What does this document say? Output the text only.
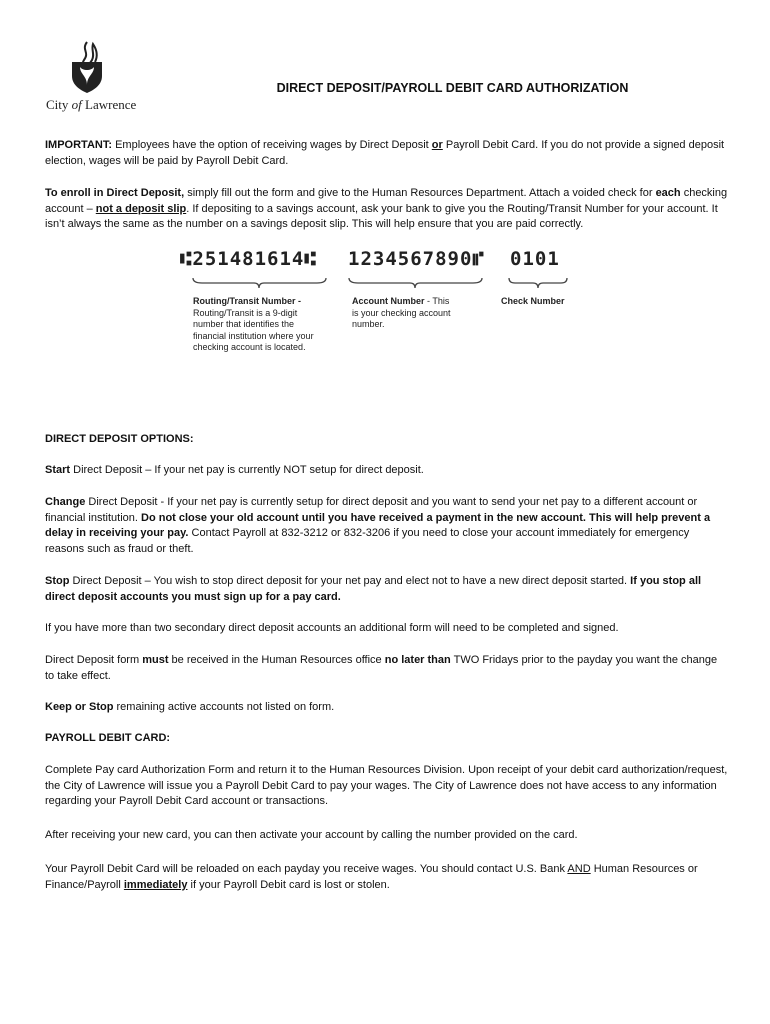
City of Lawrence
DIRECT DEPOSIT/PAYROLL DEBIT CARD AUTHORIZATION
IMPORTANT: Employees have the option of receiving wages by Direct Deposit or Payroll Debit Card. If you do not provide a signed deposit election, wages will be paid by Payroll Debit Card.
To enroll in Direct Deposit, simply fill out the form and give to the Human Resources Department. Attach a voided check for each checking account – not a deposit slip. If depositing to a savings account, ask your bank to give you the Routing/Transit Number for your account. It isn’t always the same as the number on a savings deposit slip. This will help ensure that you are paid correctly.
⑆251481614⑆ 1234567890⑈ 0101
Routing/Transit Number -
Routing/Transit is a 9-digit number that identifies the financial institution where your checking account is located.
Account Number - This
is your checking account number.
Check Number
DIRECT DEPOSIT OPTIONS:
Start Direct Deposit – If your net pay is currently NOT setup for direct deposit.
Change Direct Deposit - If your net pay is currently setup for direct deposit and you want to send your net pay to a different account or financial institution. Do not close your old account until you have received a payment in the new account. This will help prevent a delay in receiving your pay. Contact Payroll at 832-3212 or 832-3206 if you need to close your account immediately for emergency reasons such as fraud or theft.
Stop Direct Deposit – You wish to stop direct deposit for your net pay and elect not to have a new direct deposit started. If you stop all direct deposit accounts you must sign up for a pay card.
If you have more than two secondary direct deposit accounts an additional form will need to be completed and signed.
Direct Deposit form must be received in the Human Resources office no later than TWO Fridays prior to the payday you want the change to take effect.
Keep or Stop remaining active accounts not listed on form.
PAYROLL DEBIT CARD:
Complete Pay card Authorization Form and return it to the Human Resources Division. Upon receipt of your debit card authorization/request, the City of Lawrence will issue you a Payroll Debit Card to pay your wages. The City of Lawrence does not have access to any information regarding your Payroll Debit Card account or transactions.
After receiving your new card, you can then activate your account by calling the number provided on the card.
Your Payroll Debit Card will be reloaded on each payday you receive wages. You should contact U.S. Bank AND Human Resources or Finance/Payroll immediately if your Payroll Debit card is lost or stolen.
